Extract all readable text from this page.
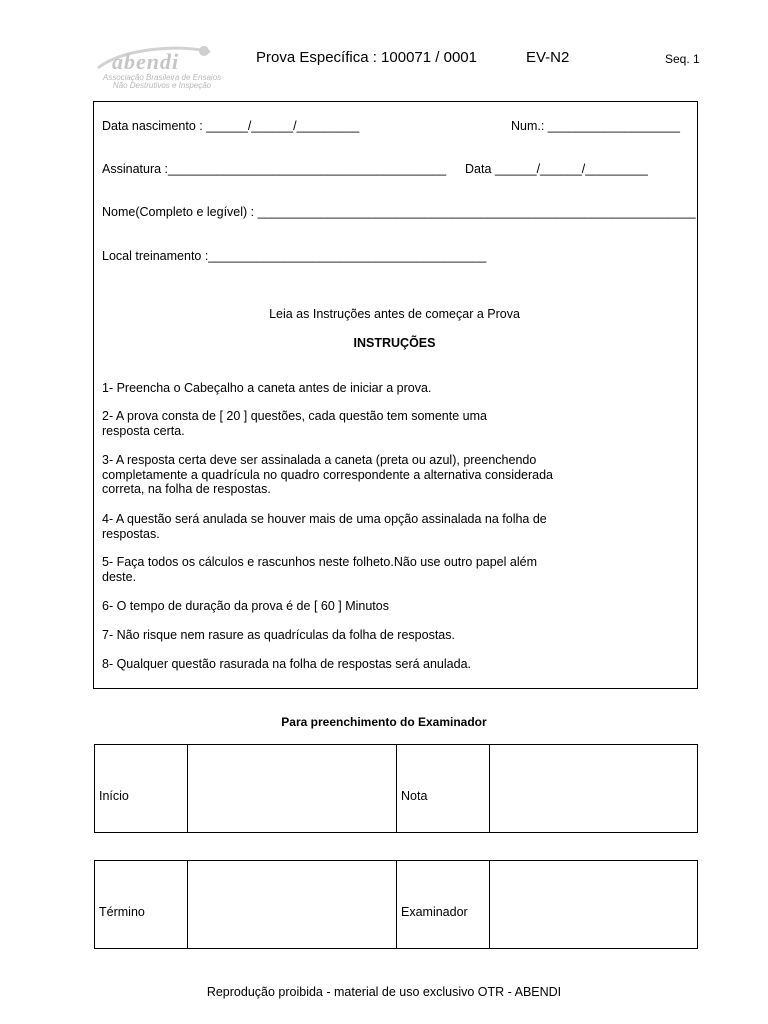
abendi
Associação Brasileira de Ensaios
Não Destrutivos e Inspeção
Prova Específica : 100071 / 0001	EV-N2	Seq. 1
Data nascimento : ______/______/_________	Num.: ___________________
Assinatura :________________________________________ Data ______/______/_________
Nome(Completo e legível) : _______________________________________________________________
Local treinamento :________________________________________
Leia as Instruções antes de começar a Prova
INSTRUÇÕES
1- Preencha o Cabeçalho a caneta antes de iniciar a prova.
2- A prova consta de [ 20 ] questões, cada questão tem somente uma resposta certa.
3- A resposta certa deve ser assinalada a caneta (preta ou azul), preenchendo completamente a quadrícula no quadro correspondente a alternativa considerada correta, na folha de respostas.
4- A questão será anulada se houver mais de uma opção assinalada na folha de respostas.
5- Faça todos os cálculos e rascunhos neste folheto.Não use outro papel além deste.
6- O tempo de duração da prova é de [ 60 ] Minutos
7- Não risque nem rasure as quadrículas da folha de respostas.
8- Qualquer questão rasurada na folha de respostas será anulada.
Para preenchimento do Examinador
Início	Nota
Término	Examinador
Reprodução proibida - material de uso exclusivo OTR - ABENDI
